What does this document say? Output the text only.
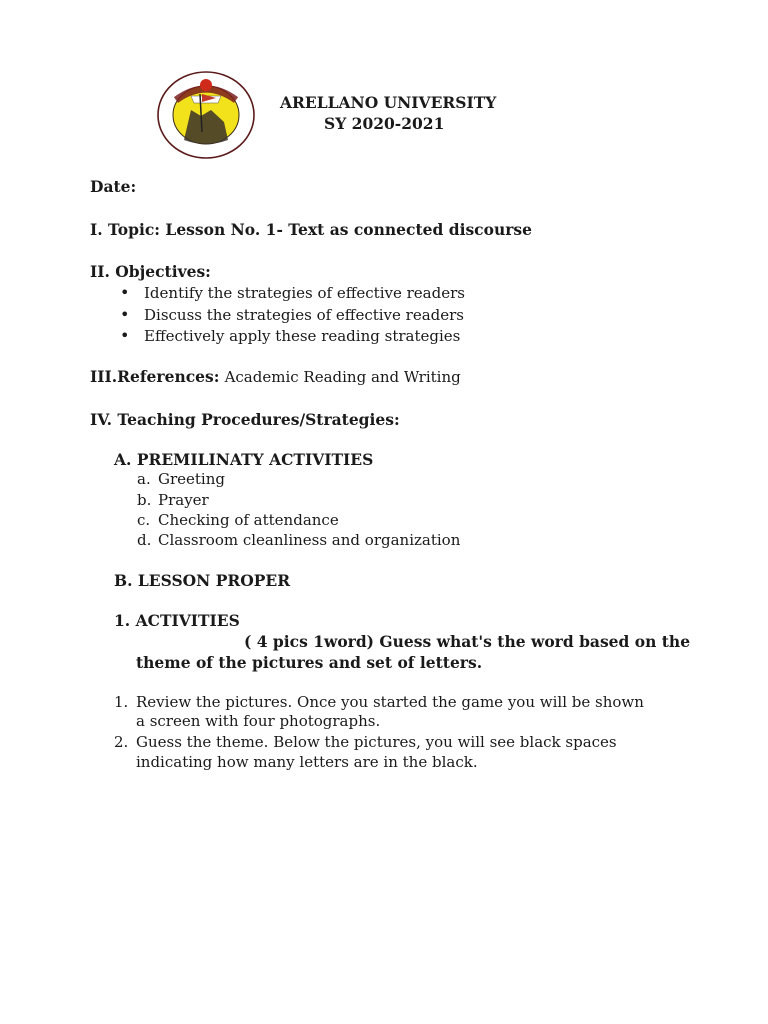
ARELLANO UNIVERSITY
SY 2020-2021
Date:
I. Topic: Lesson No. 1- Text as connected discourse
II. Objectives:
• Identify the strategies of effective readers
• Discuss the strategies of effective readers
• Effectively apply these reading strategies
III.References: Academic Reading and Writing
IV. Teaching Procedures/Strategies:
A. PREMILINATY ACTIVITIES
a. Greeting
b. Prayer
c. Checking of attendance
d. Classroom cleanliness and organization
B. LESSON PROPER
1. ACTIVITIES
( 4 pics 1word) Guess what's the word based on the
theme of the pictures and set of letters.
1. Review the pictures. Once you started the game you will be shown
a screen with four photographs.
2. Guess the theme. Below the pictures, you will see black spaces
indicating how many letters are in the black.
